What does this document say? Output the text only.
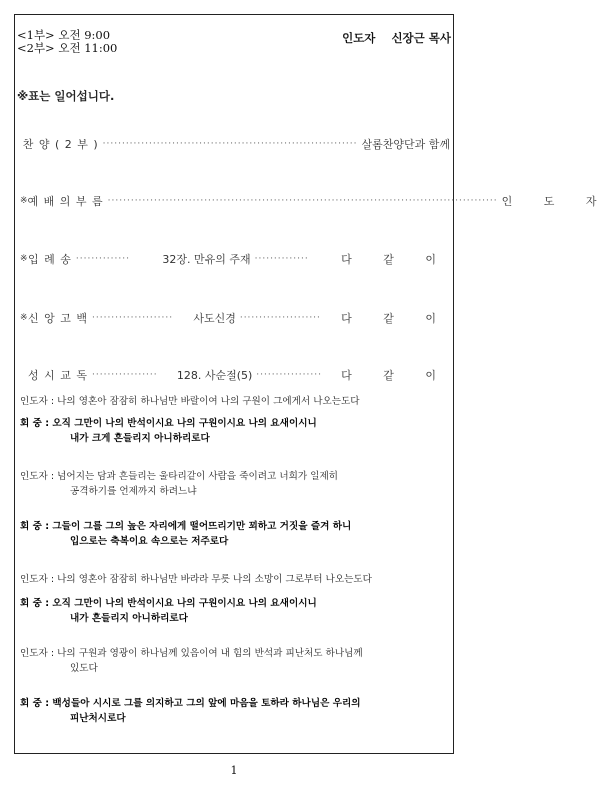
<1부> 오전 9:00
<2부> 오전 11:00
인도자 신장근 목사
※표는 일어섭니다.
찬 양 ( 2 부 ) ·································································· 살롬찬양단과 함께
※ 예 배 의 부 름 ····································································································· 인 도 자
※ 입 례 송 ··············	32장. 만유의 주재 ··············	다 같 이
※ 신 앙 고 백 ·····················	사도신경 ·····················	다 같 이
성 시 교 독 ·················	128. 사순절(5) ·················	다 같 이
인도자 : 나의 영혼아 잠잠히 하나님만 바랄이여 나의 구원이 그에게서 나오는도다
회 중 : 오직 그만이 나의 반석이시요 나의 구원이시요 나의 요새이시니
내가 크게 흔들리지 아니하리로다
인도자 : 넘어지는 담과 흔들리는 울타리같이 사람을 죽이려고 너희가 일제히
공격하기를 언제까지 하려느냐
회 중 : 그들이 그를 그의 높은 자리에게 떨어뜨리기만 꾀하고 거짓을 즐겨 하니
입으로는 축복이요 속으로는 저주로다
인도자 : 나의 영혼아 잠잠히 하나님만 바라라 무릇 나의 소망이 그로부터 나오는도다
회 중 : 오직 그만이 나의 반석이시요 나의 구원이시요 나의 요새이시니
내가 흔들리지 아니하리로다
인도자 : 나의 구원과 영광이 하나님께 있음이여 내 힘의 반석과 피난처도 하나님께
있도다
회 중 : 백성들아 시시로 그를 의지하고 그의 앞에 마음을 토하라 하나님은 우리의
피난처시로다
1
